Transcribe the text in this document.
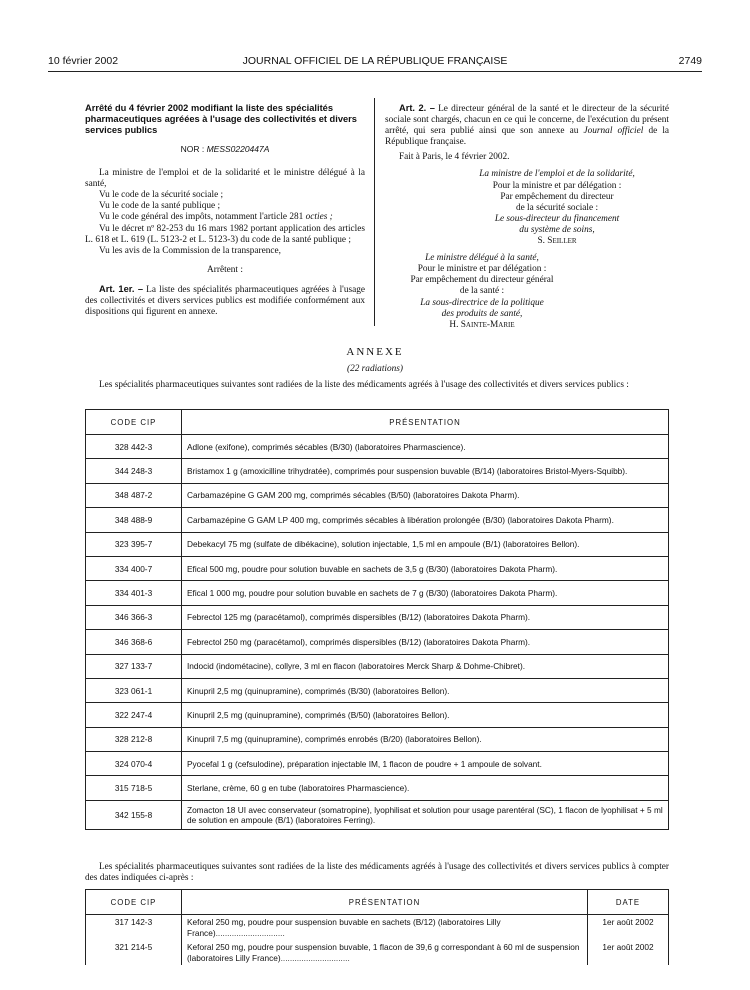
10 février 2002	JOURNAL OFFICIEL DE LA RÉPUBLIQUE FRANÇAISE	2749
Arrêté du 4 février 2002 modifiant la liste des spécialités pharmaceutiques agréées à l'usage des collectivités et divers services publics
NOR : MESS0220447A

La ministre de l'emploi et de la solidarité et le ministre délégué à la santé,

Vu le code de la sécurité sociale ;

Vu le code de la santé publique ;

Vu le code général des impôts, notamment l'article 281 octies ;

Vu le décret nº 82-253 du 16 mars 1982 portant application des articles L. 618 et L. 619 (L. 5123-2 et L. 5123-3) du code de la santé publique ;

Vu les avis de la Commission de la transparence,

Arrêtent :

Art. 1er. – La liste des spécialités pharmaceutiques agréées à l'usage des collectivités et divers services publics est modifiée conformément aux dispositions qui figurent en annexe.

Art. 2. – Le directeur général de la santé et le directeur de la sécurité sociale sont chargés, chacun en ce qui le concerne, de l'exécution du présent arrêté, qui sera publié ainsi que son annexe au Journal officiel de la République française.

Fait à Paris, le 4 février 2002.

La ministre de l'emploi et de la solidarité,
Pour la ministre et par délégation :
Par empêchement du directeur
de la sécurité sociale :
Le sous-directeur du financement
du système de soins,
S. Seiller
Le ministre délégué à la santé,
Pour le ministre et par délégation :
Par empêchement du directeur général
de la santé :
La sous-directrice de la politique
des produits de santé,
H. Sainte-Marie
ANNEXE
(22 radiations)
Les spécialités pharmaceutiques suivantes sont radiées de la liste des médicaments agréés à l'usage des collectivités et divers services publics :
CODE CIP	PRÉSENTATION
328 442-3	Adlone (exifone), comprimés sécables (B/30) (laboratoires Pharmascience).
344 248-3	Bristamox 1 g (amoxicilline trihydratée), comprimés pour suspension buvable (B/14) (laboratoires Bristol-Myers-Squibb).
348 487-2	Carbamazépine G GAM 200 mg, comprimés sécables (B/50) (laboratoires Dakota Pharm).
348 488-9	Carbamazépine G GAM LP 400 mg, comprimés sécables à libération prolongée (B/30) (laboratoires Dakota Pharm).
323 395-7	Debekacyl 75 mg (sulfate de dibékacine), solution injectable, 1,5 ml en ampoule (B/1) (laboratoires Bellon).
334 400-7	Efical 500 mg, poudre pour solution buvable en sachets de 3,5 g (B/30) (laboratoires Dakota Pharm).
334 401-3	Efical 1 000 mg, poudre pour solution buvable en sachets de 7 g (B/30) (laboratoires Dakota Pharm).
346 366-3	Febrectol 125 mg (paracétamol), comprimés dispersibles (B/12) (laboratoires Dakota Pharm).
346 368-6	Febrectol 250 mg (paracétamol), comprimés dispersibles (B/12) (laboratoires Dakota Pharm).
327 133-7	Indocid (indométacine), collyre, 3 ml en flacon (laboratoires Merck Sharp & Dohme-Chibret).
323 061-1	Kinupril 2,5 mg (quinupramine), comprimés (B/30) (laboratoires Bellon).
322 247-4	Kinupril 2,5 mg (quinupramine), comprimés (B/50) (laboratoires Bellon).
328 212-8	Kinupril 7,5 mg (quinupramine), comprimés enrobés (B/20) (laboratoires Bellon).
324 070-4	Pyocefal 1 g (cefsulodine), préparation injectable IM, 1 flacon de poudre + 1 ampoule de solvant.
315 718-5	Sterlane, crème, 60 g en tube (laboratoires Pharmascience).
342 155-8	Zomacton 18 UI avec conservateur (somatropine), lyophilisat et solution pour usage parentéral (SC), 1 flacon de lyophilisat + 5 ml de solution en ampoule (B/1) (laboratoires Ferring).
Les spécialités pharmaceutiques suivantes sont radiées de la liste des médicaments agréés à l'usage des collectivités et divers services publics à compter des dates indiquées ci-après :
CODE CIP	PRÉSENTATION	DATE
317 142-3	Keforal 250 mg, poudre pour suspension buvable en sachets (B/12) (laboratoires Lilly France)..............................	1er août 2002
321 214-5	Keforal 250 mg, poudre pour suspension buvable, 1 flacon de 39,6 g correspondant à 60 ml de suspension (laboratoires Lilly France)..............................	1er août 2002
